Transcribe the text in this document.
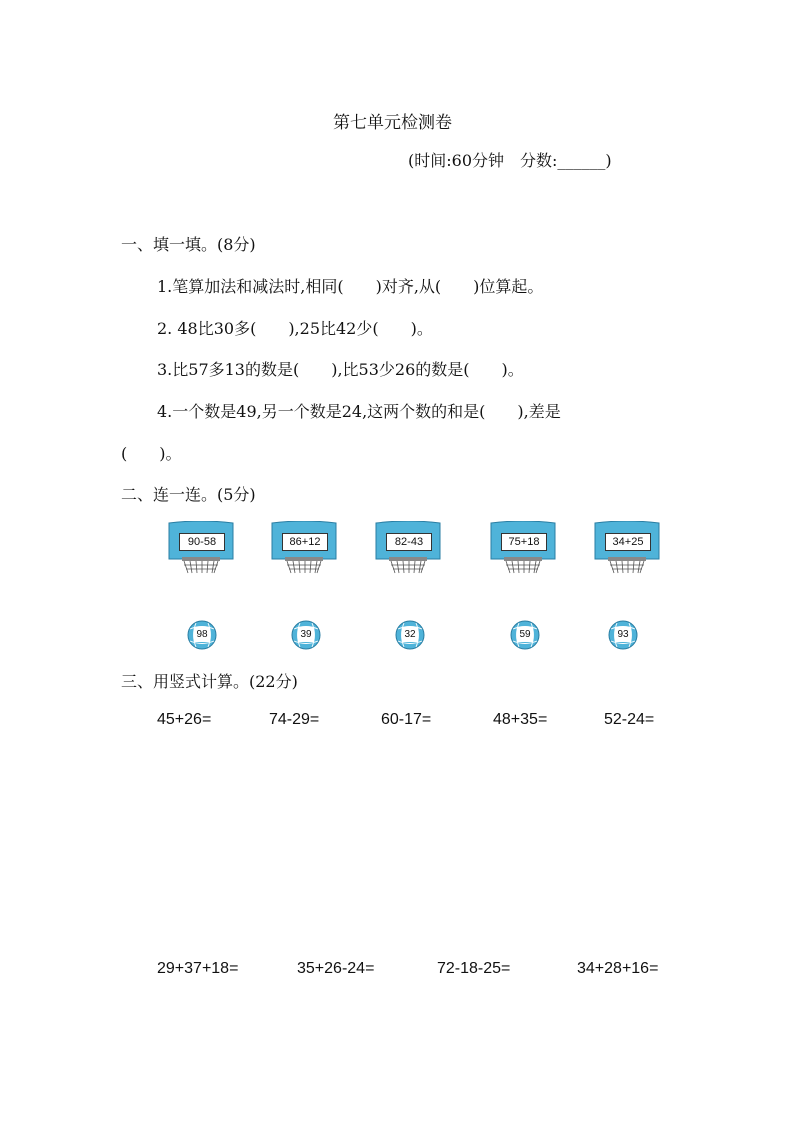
第七单元检测卷
(时间:60分钟　分数:______)
一、填一填。(8分)
1.笔算加法和减法时,相同(　　)对齐,从(　　)位算起。
2. 48比30多(　　),25比42少(　　)。
3.比57多13的数是(　　),比53少26的数是(　　)。
4.一个数是49,另一个数是24,这两个数的和是(　　),差是
(　　)。
二、连一连。(5分)
90-58	86+12	82-43	75+18	34+25
98	39	32	59	93
三、用竖式计算。(22分)
45+26=	74-29=	60-17=	48+35=	52-24=
29+37+18=	35+26-24=	72-18-25=	34+28+16=
